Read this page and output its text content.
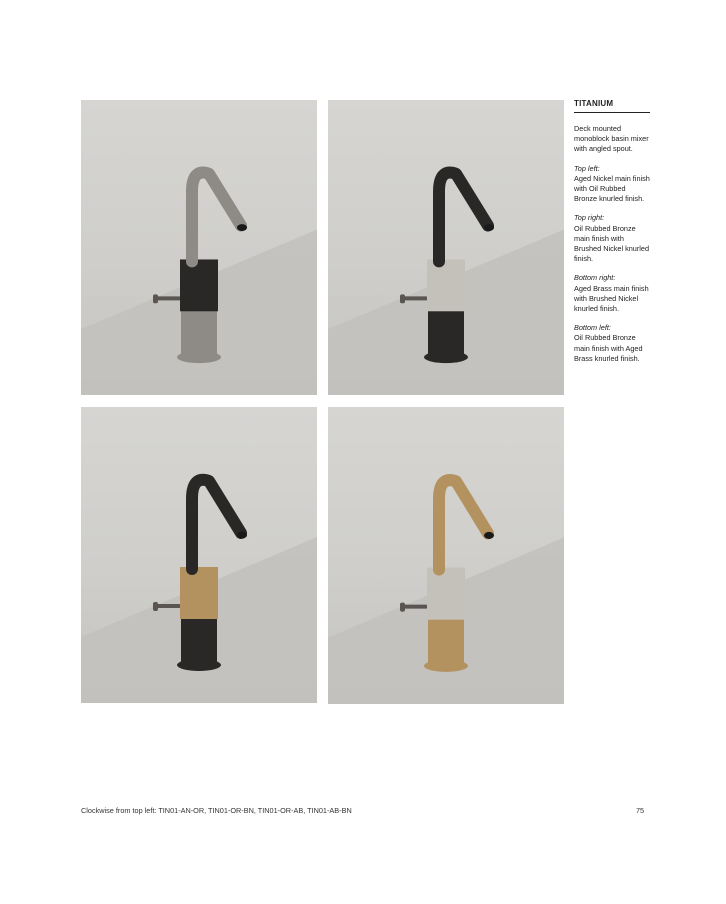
TITANIUM
Deck mounted monoblock basin mixer with angled spout.
Top left:
Aged Nickel main finish with Oil Rubbed Bronze knurled finish.
Top right:
Oil Rubbed Bronze main finish with Brushed Nickel knurled finish.
Bottom right:
Aged Brass main finish with Brushed Nickel knurled finish.
Bottom left:
Oil Rubbed Bronze main finish with Aged Brass knurled finish.
Clockwise from top left: TIN01-AN-OR, TIN01-OR-BN, TIN01-OR-AB, TIN01-AB-BN	75
